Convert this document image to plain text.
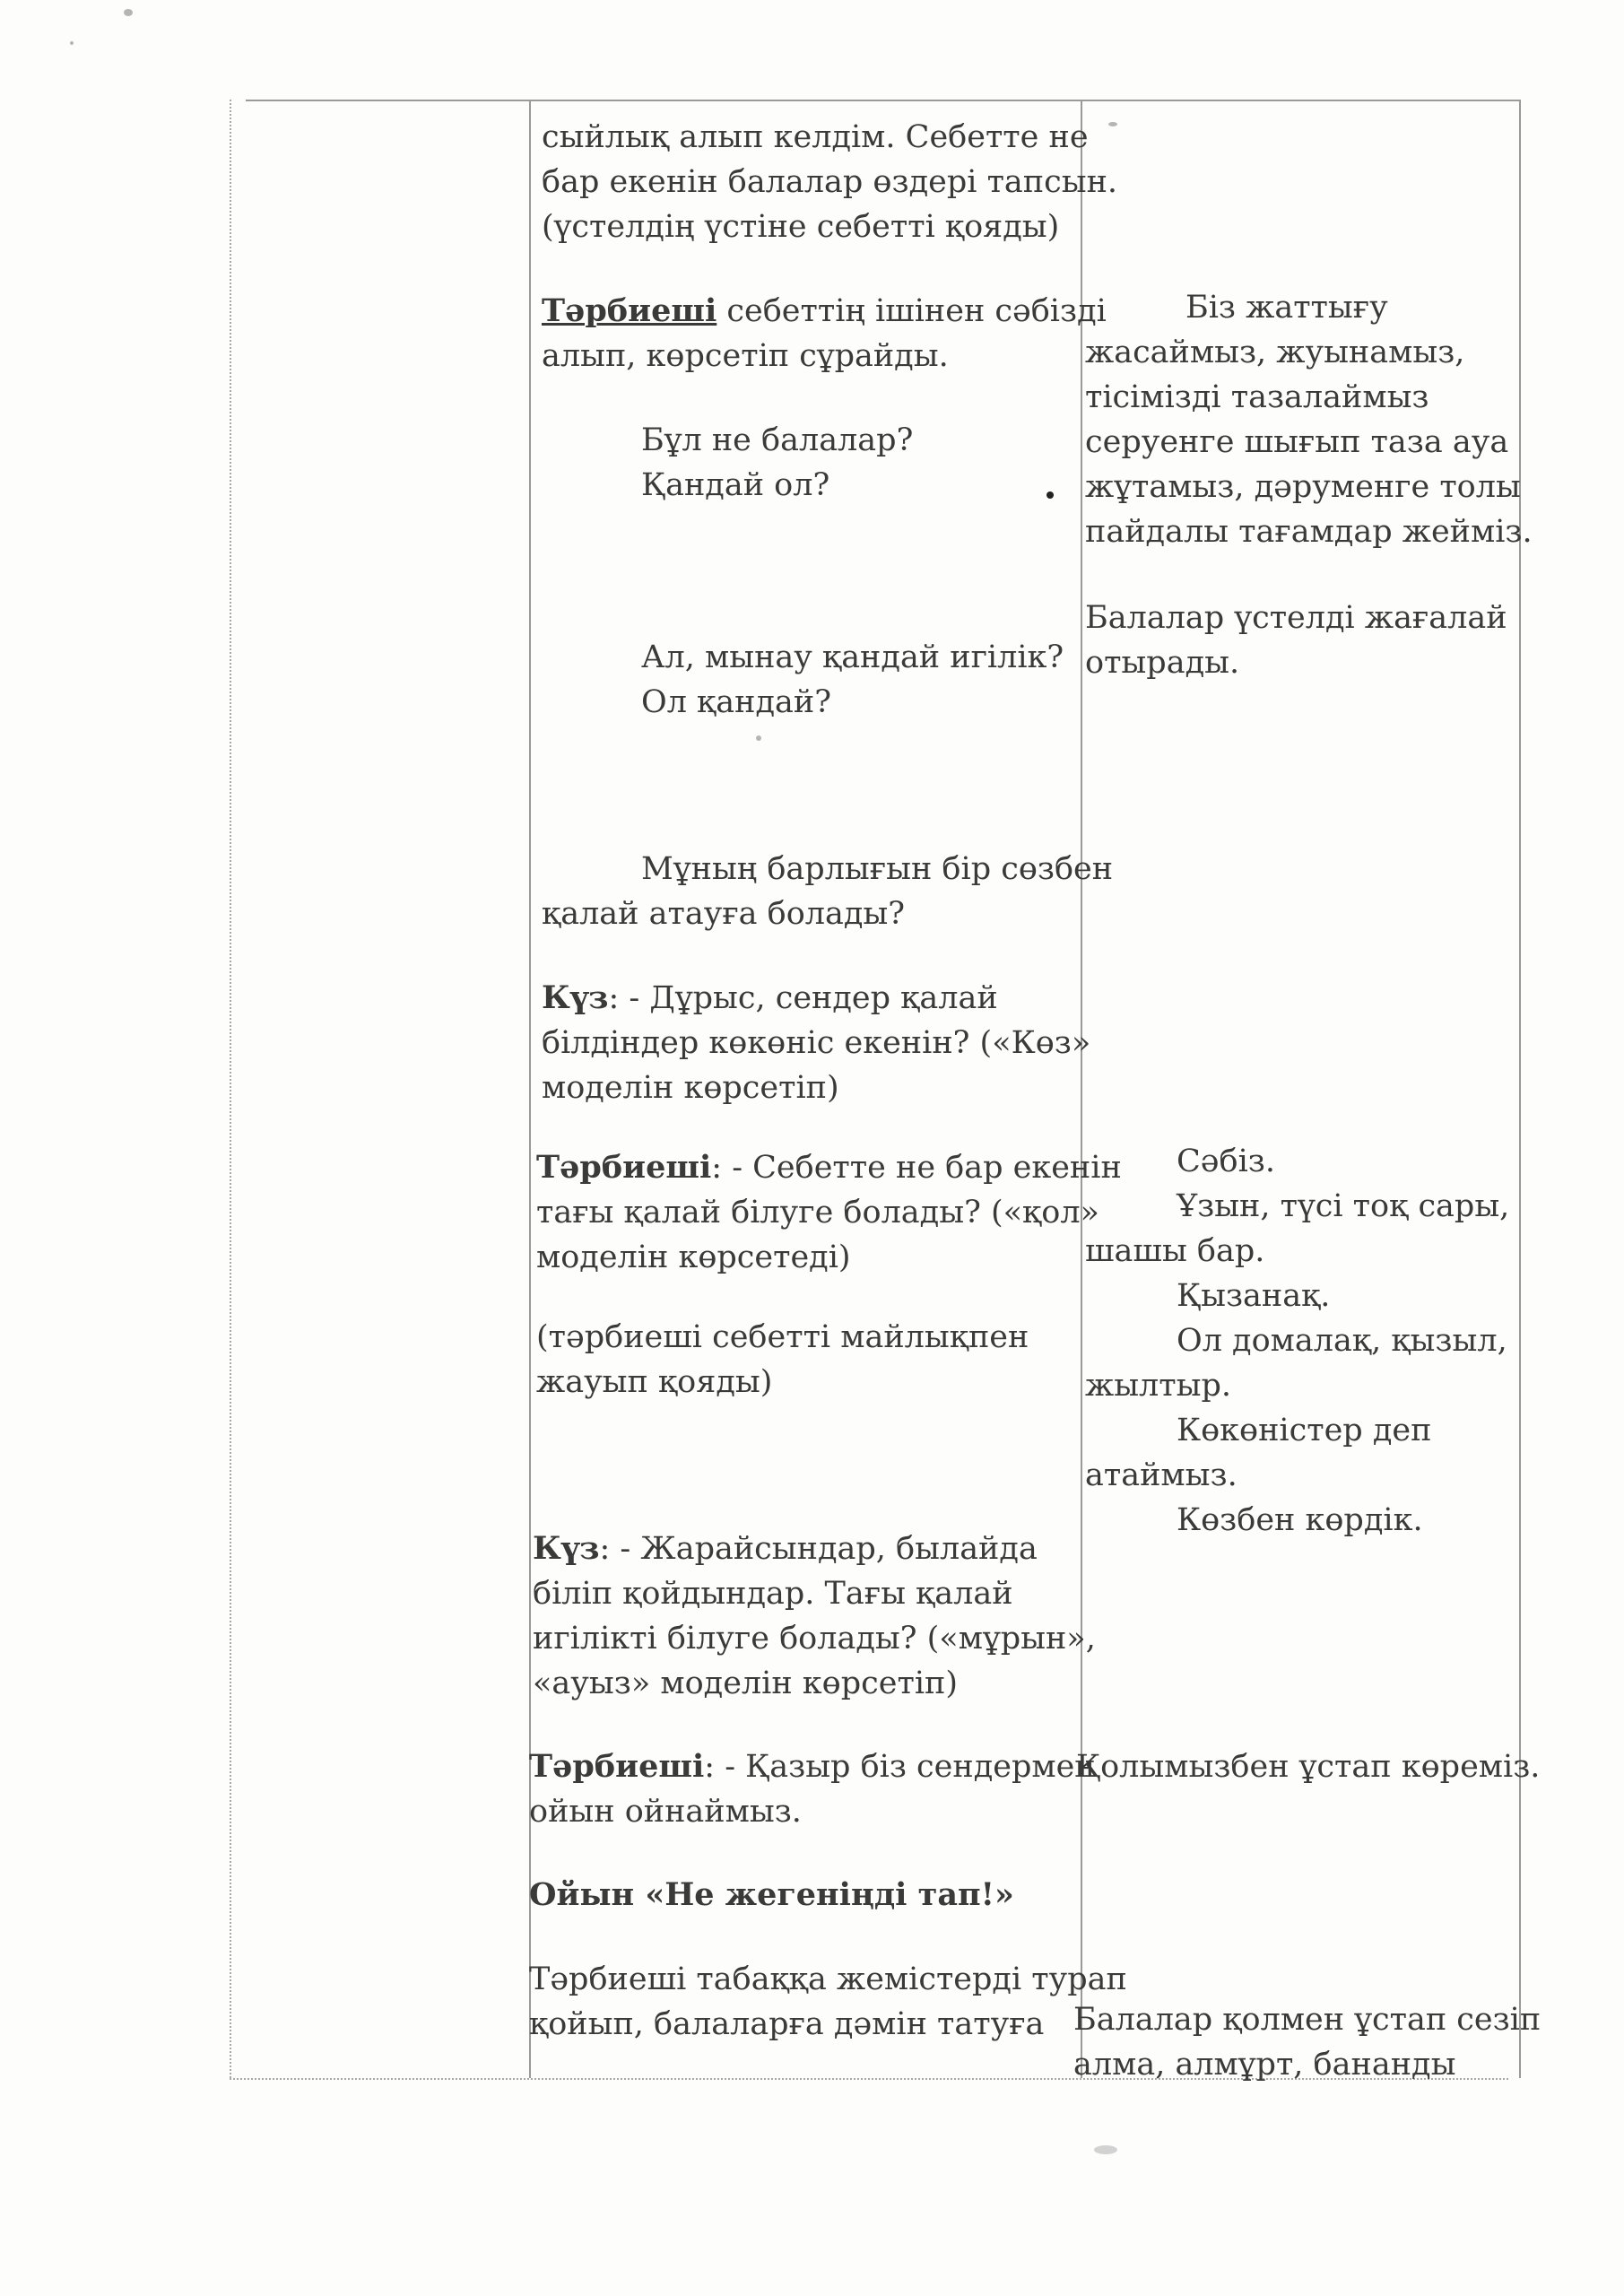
сыйлық алып келдім. Себетте не

бар екенін балалар өздері тапсын.

(үстелдің үстіне себетті қояды)

Тәрбиеші себеттің ішінен сәбізді

алып, көрсетіп сұрайды.

Бұл не балалар?

Қандай ол?

Ал, мынау қандай игілік?

Ол қандай?

Мұның барлығын бір сөзбен

қалай атауға болады?

Күз: - Дұрыс, сендер қалай

білдіндер көкөніс екенін? («Көз»

моделін көрсетіп)

Тәрбиеші: - Себетте не бар екенін

тағы қалай білуге болады? («қол»

моделін көрсетеді)

(тәрбиеші себетті майлықпен

жауып қояды)

Күз: - Жарайсындар, былайда

біліп қойдындар. Тағы қалай

игілікті білуге болады? («мұрын»,

«ауыз» моделін көрсетіп)

Тәрбиеші: - Қазыр біз сендермен

ойын ойнаймыз.

Ойын «Не жегеніңді тап!»

Тәрбиеші табаққа жемістерді турап

қойып, балаларға дәмін татуға

Біз жаттығу

жасаймыз, жуынамыз,

тісімізді тазалаймыз

серуенге шығып таза ауа

жұтамыз, дәруменге толы

пайдалы тағамдар жейміз.

Балалар үстелді жағалай

отырады.

Сәбіз.

Ұзын, түсі тоқ сары,

шашы бар.

Қызанақ.

Ол домалақ, қызыл,

жылтыр.

Көкөністер деп

атаймыз.

Көзбен көрдік.

Қолымызбен ұстап көреміз.

Балалар қолмен ұстап сезіп

алма, алмұрт, бананды
